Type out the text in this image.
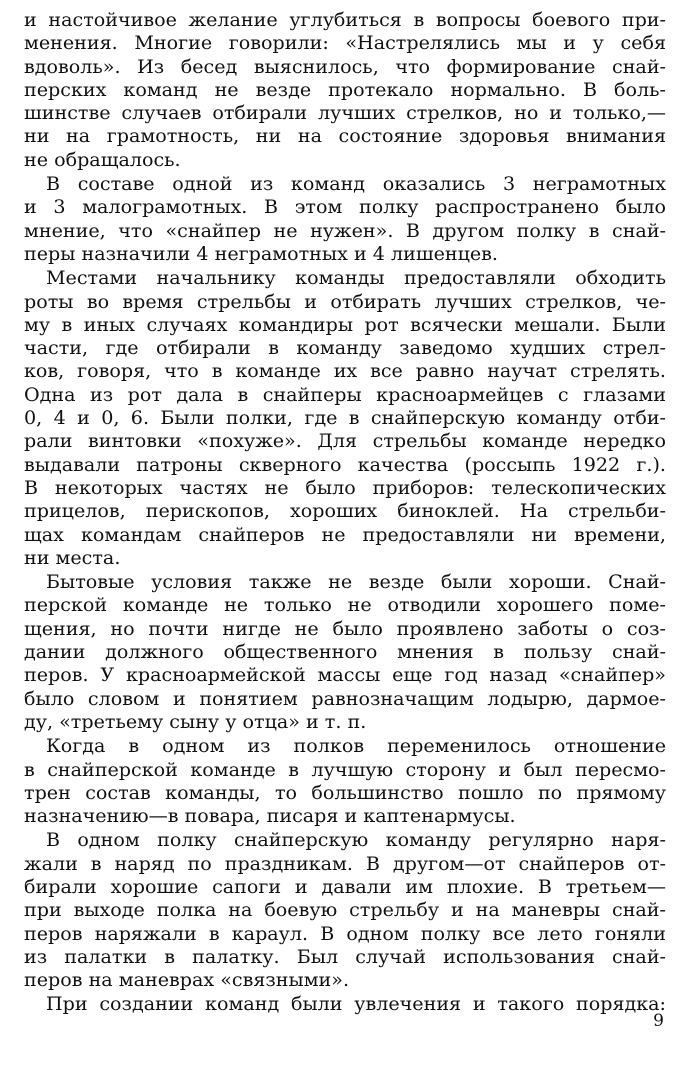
и настойчивое желание углубиться в вопросы боевого при-
менения. Многие говорили: «Настрелялись мы и у себя
вдоволь». Из бесед выяснилось, что формирование снай-
перских команд не везде протекало нормально. В боль-
шинстве случаев отбирали лучших стрелков, но и только,—
ни на грамотность, ни на состояние здоровья внимания
не обращалось.
В составе одной из команд оказались 3 неграмотных
и 3 малограмотных. В этом полку распространено было
мнение, что «снайпер не нужен». В другом полку в снай-
перы назначили 4 неграмотных и 4 лишенцев.
Местами начальнику команды предоставляли обходить
роты во время стрельбы и отбирать лучших стрелков, че-
му в иных случаях командиры рот всячески мешали. Были
части, где отбирали в команду заведомо худших стрел-
ков, говоря, что в команде их все равно научат стрелять.
Одна из рот дала в снайперы красноармейцев с глазами
0, 4 и 0, 6. Были полки, где в снайперскую команду отби-
рали винтовки «похуже». Для стрельбы команде нередко
выдавали патроны скверного качества (россыпь 1922 г.).
В некоторых частях не было приборов: телескопических
прицелов, перископов, хороших биноклей. На стрельби-
щах командам снайперов не предоставляли ни времени,
ни места.
Бытовые условия также не везде были хороши. Снай-
перской команде не только не отводили хорошего поме-
щения, но почти нигде не было проявлено заботы о соз-
дании должного общественного мнения в пользу снай-
перов. У красноармейской массы еще год назад «снайпер»
было словом и понятием равнозначащим лодырю, дармое-
ду, «третьему сыну у отца» и т. п.
Когда в одном из полков переменилось отношение
в снайперской команде в лучшую сторону и был пересмо-
трен состав команды, то большинство пошло по прямому
назначению—в повара, писаря и каптенармусы.
В одном полку снайперскую команду регулярно наря-
жали в наряд по праздникам. В другом—от снайперов от-
бирали хорошие сапоги и давали им плохие. В третьем—
при выходе полка на боевую стрельбу и на маневры снай-
перов наряжали в караул. В одном полку все лето гоняли
из палатки в палатку. Был случай использования снай-
перов на маневрах «связными».
При создании команд были увлечения и такого порядка:
9
